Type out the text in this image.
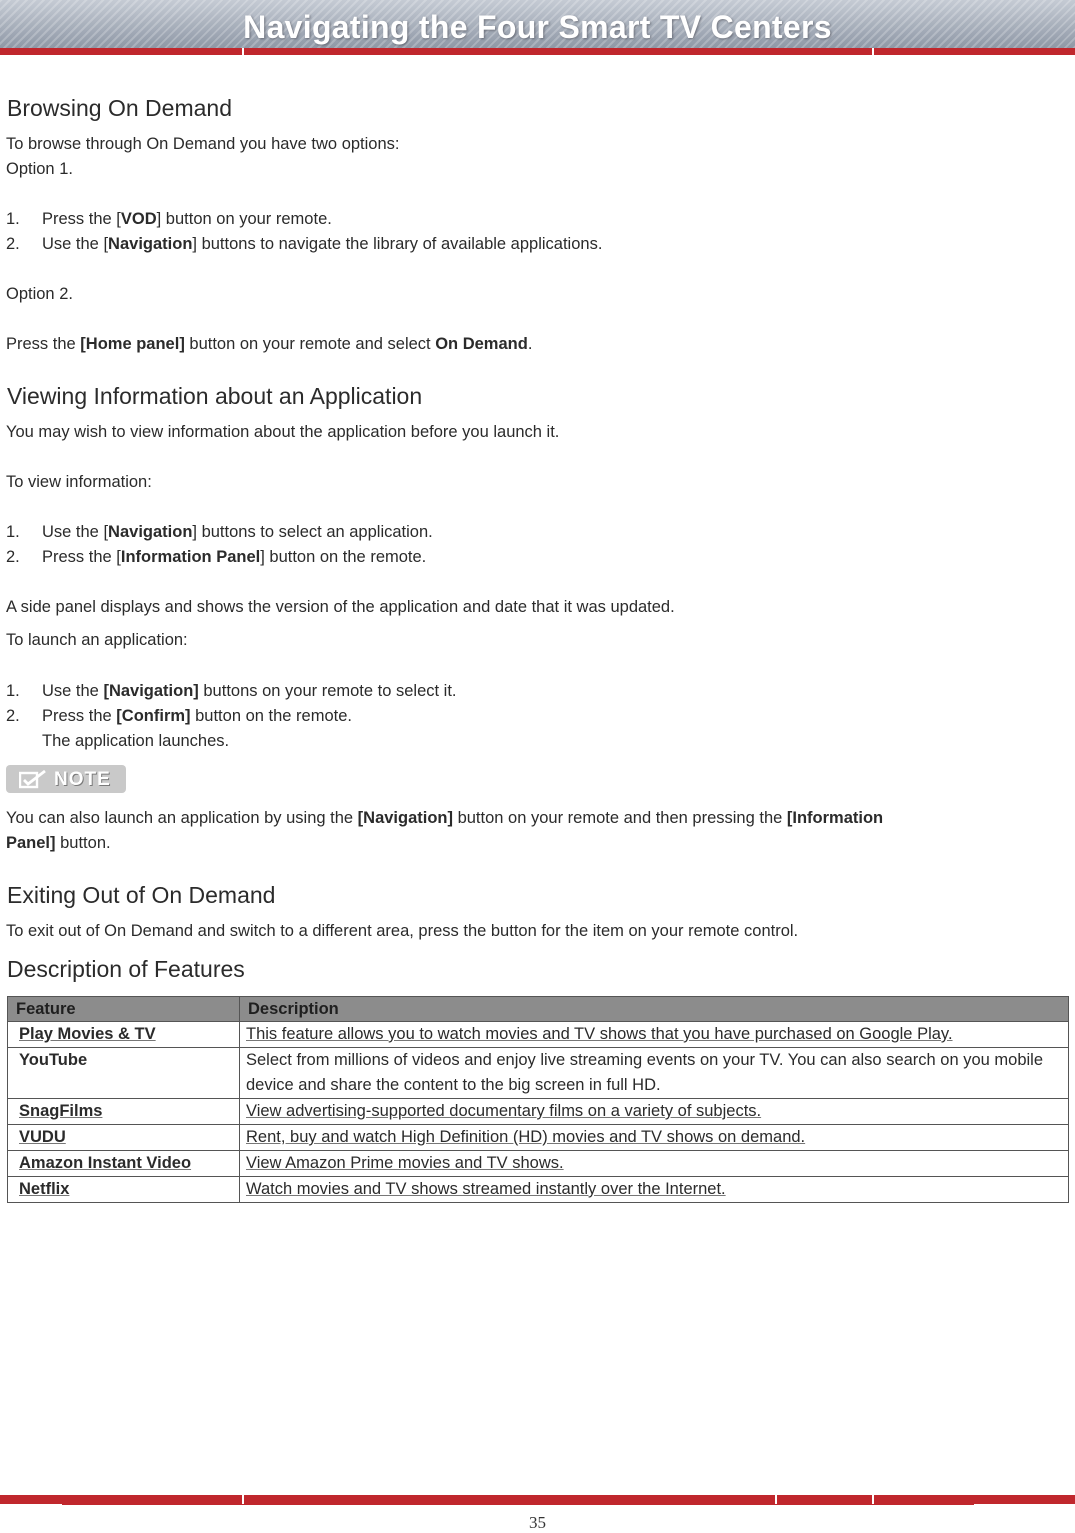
Navigating the Four Smart TV Centers
Browsing On Demand
To browse through On Demand you have two options:
Option 1.
1. Press the [VOD] button on your remote.
2. Use the [Navigation] buttons to navigate the library of available applications.
Option 2.
Press the [Home panel] button on your remote and select On Demand.
Viewing Information about an Application
You may wish to view information about the application before you launch it.
To view information:
1. Use the [Navigation] buttons to select an application.
2. Press the [Information Panel] button on the remote.
A side panel displays and shows the version of the application and date that it was updated.
To launch an application:
1. Use the [Navigation] buttons on your remote to select it.
2. Press the [Confirm] button on the remote.
The application launches.
NOTE
You can also launch an application by using the [Navigation] button on your remote and then pressing the [Information
Panel] button.
Exiting Out of On Demand
To exit out of On Demand and switch to a different area, press the button for the item on your remote control.
Description of Features
Feature	Description
Play Movies & TV	This feature allows you to watch movies and TV shows that you have purchased on Google Play.
YouTube	Select from millions of videos and enjoy live streaming events on your TV. You can also search on you mobile device and share the content to the big screen in full HD.
SnagFilms	View advertising-supported documentary films on a variety of subjects.
VUDU	Rent, buy and watch High Definition (HD) movies and TV shows on demand.
Amazon Instant Video	View Amazon Prime movies and TV shows.
Netflix	Watch movies and TV shows streamed instantly over the Internet.
35
